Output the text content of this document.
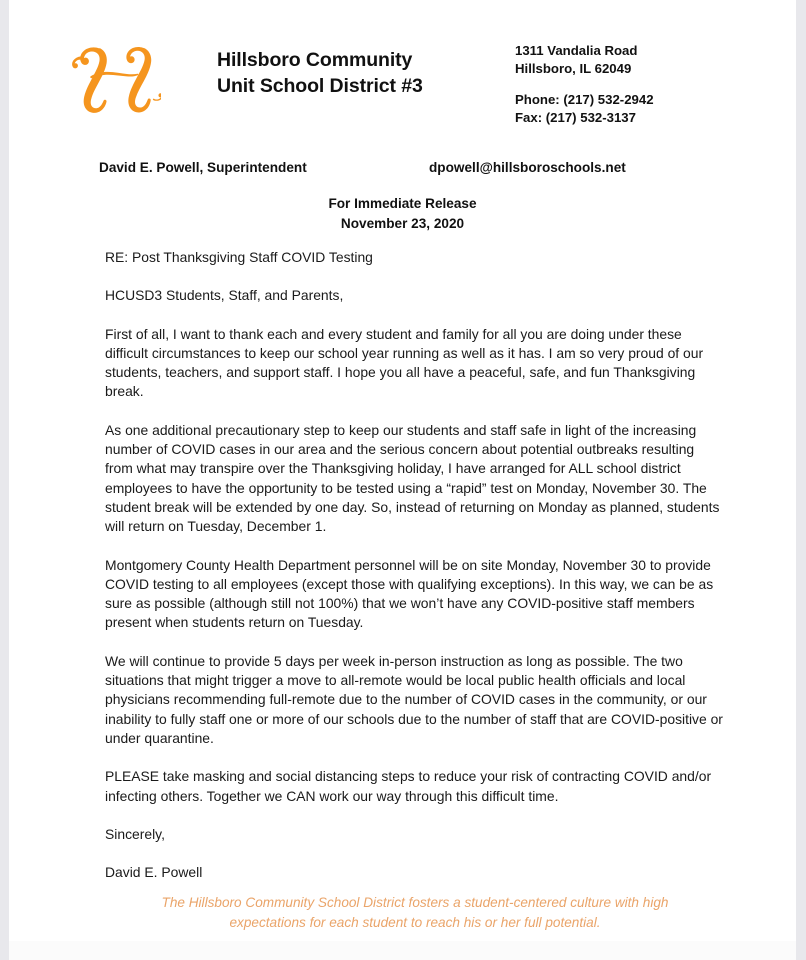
Hillsboro Community
Unit School District #3
1311 Vandalia Road
Hillsboro, IL 62049
Phone: (217) 532-2942
Fax: (217) 532-3137
David E. Powell, Superintendent	dpowell@hillsboroschools.net
For Immediate Release
November 23, 2020

RE: Post Thanksgiving Staff COVID Testing

HCUSD3 Students, Staff, and Parents,

First of all, I want to thank each and every student and family for all you are doing under these difficult circumstances to keep our school year running as well as it has. I am so very proud of our students, teachers, and support staff. I hope you all have a peaceful, safe, and fun Thanksgiving break.

As one additional precautionary step to keep our students and staff safe in light of the increasing number of COVID cases in our area and the serious concern about potential outbreaks resulting from what may transpire over the Thanksgiving holiday, I have arranged for ALL school district employees to have the opportunity to be tested using a “rapid” test on Monday, November 30. The student break will be extended by one day. So, instead of returning on Monday as planned, students will return on Tuesday, December 1.

Montgomery County Health Department personnel will be on site Monday, November 30 to provide COVID testing to all employees (except those with qualifying exceptions). In this way, we can be as sure as possible (although still not 100%) that we won’t have any COVID-positive staff members present when students return on Tuesday.

We will continue to provide 5 days per week in-person instruction as long as possible. The two situations that might trigger a move to all-remote would be local public health officials and local physicians recommending full-remote due to the number of COVID cases in the community, or our inability to fully staff one or more of our schools due to the number of staff that are COVID-positive or under quarantine.

PLEASE take masking and social distancing steps to reduce your risk of contracting COVID and/or infecting others. Together we CAN work our way through this difficult time.

Sincerely,

David E. Powell

The Hillsboro Community School District fosters a student-centered culture with high
expectations for each student to reach his or her full potential.
